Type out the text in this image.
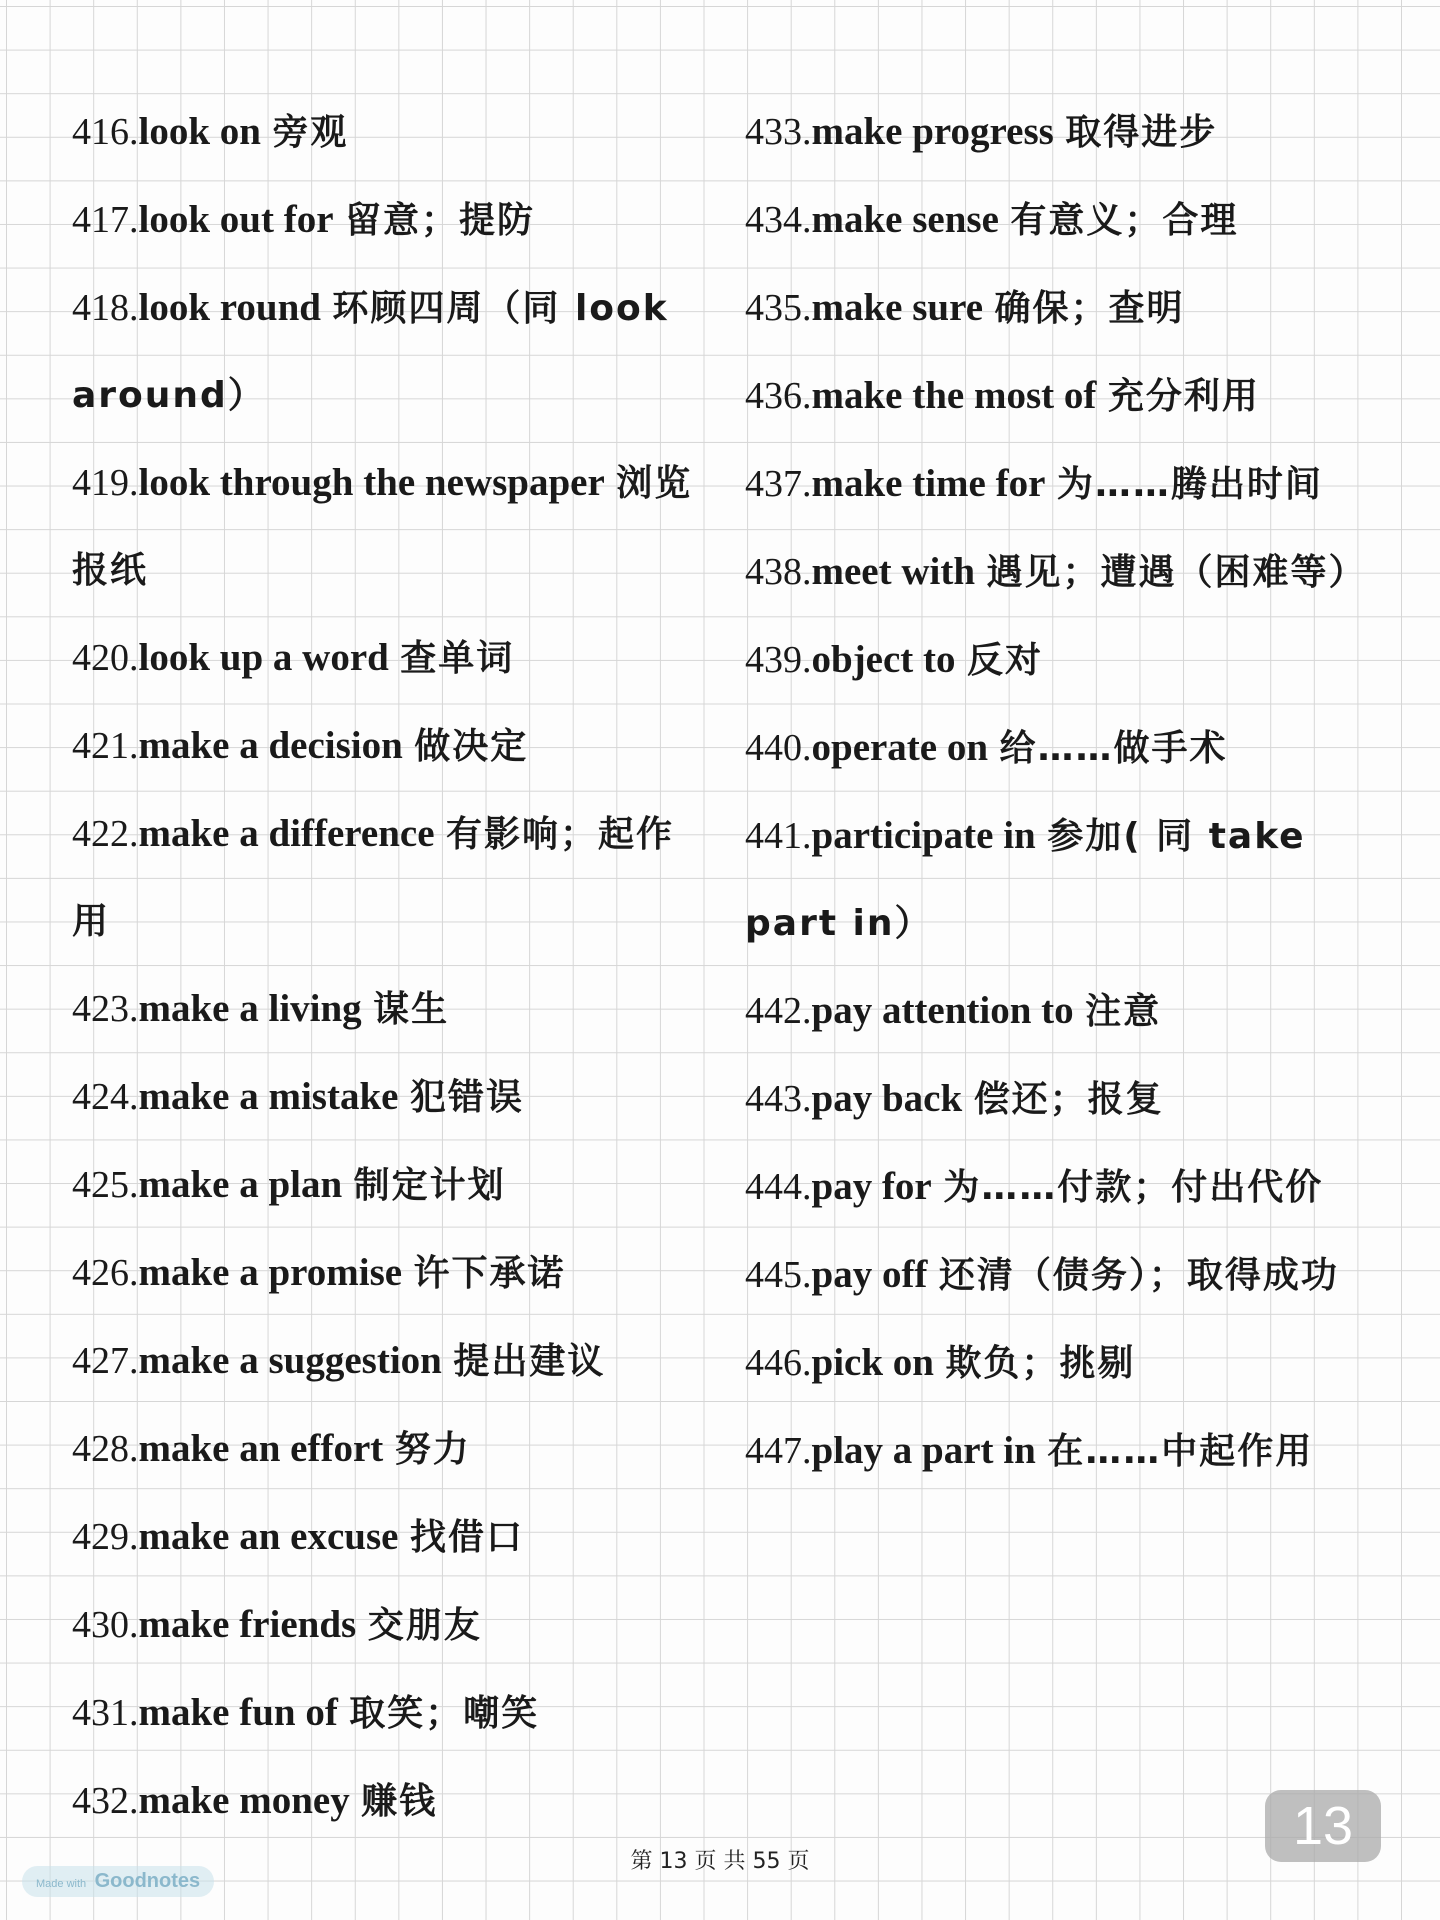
416.look on 旁观
417.look out for 留意；提防
418.look round 环顾四周（同 look around）
419.look through the newspaper 浏览报纸
420.look up a word 查单词
421.make a decision 做决定
422.make a difference 有影响；起作用
423.make a living 谋生
424.make a mistake 犯错误
425.make a plan 制定计划
426.make a promise 许下承诺
427.make a suggestion 提出建议
428.make an effort 努力
429.make an excuse 找借口
430.make friends 交朋友
431.make fun of 取笑；嘲笑
432.make money 赚钱
433.make progress 取得进步
434.make sense 有意义；合理
435.make sure 确保；查明
436.make the most of 充分利用
437.make time for 为……腾出时间
438.meet with 遇见；遭遇（困难等）
439.object to 反对
440.operate on 给……做手术
441.participate in 参加( 同 take part in）
442.pay attention to 注意
443.pay back 偿还；报复
444.pay for 为……付款；付出代价
445.pay off 还清（债务）；取得成功
446.pick on 欺负；挑剔
447.play a part in 在……中起作用
第 13 页 共 55 页
13
Made with Goodnotes
